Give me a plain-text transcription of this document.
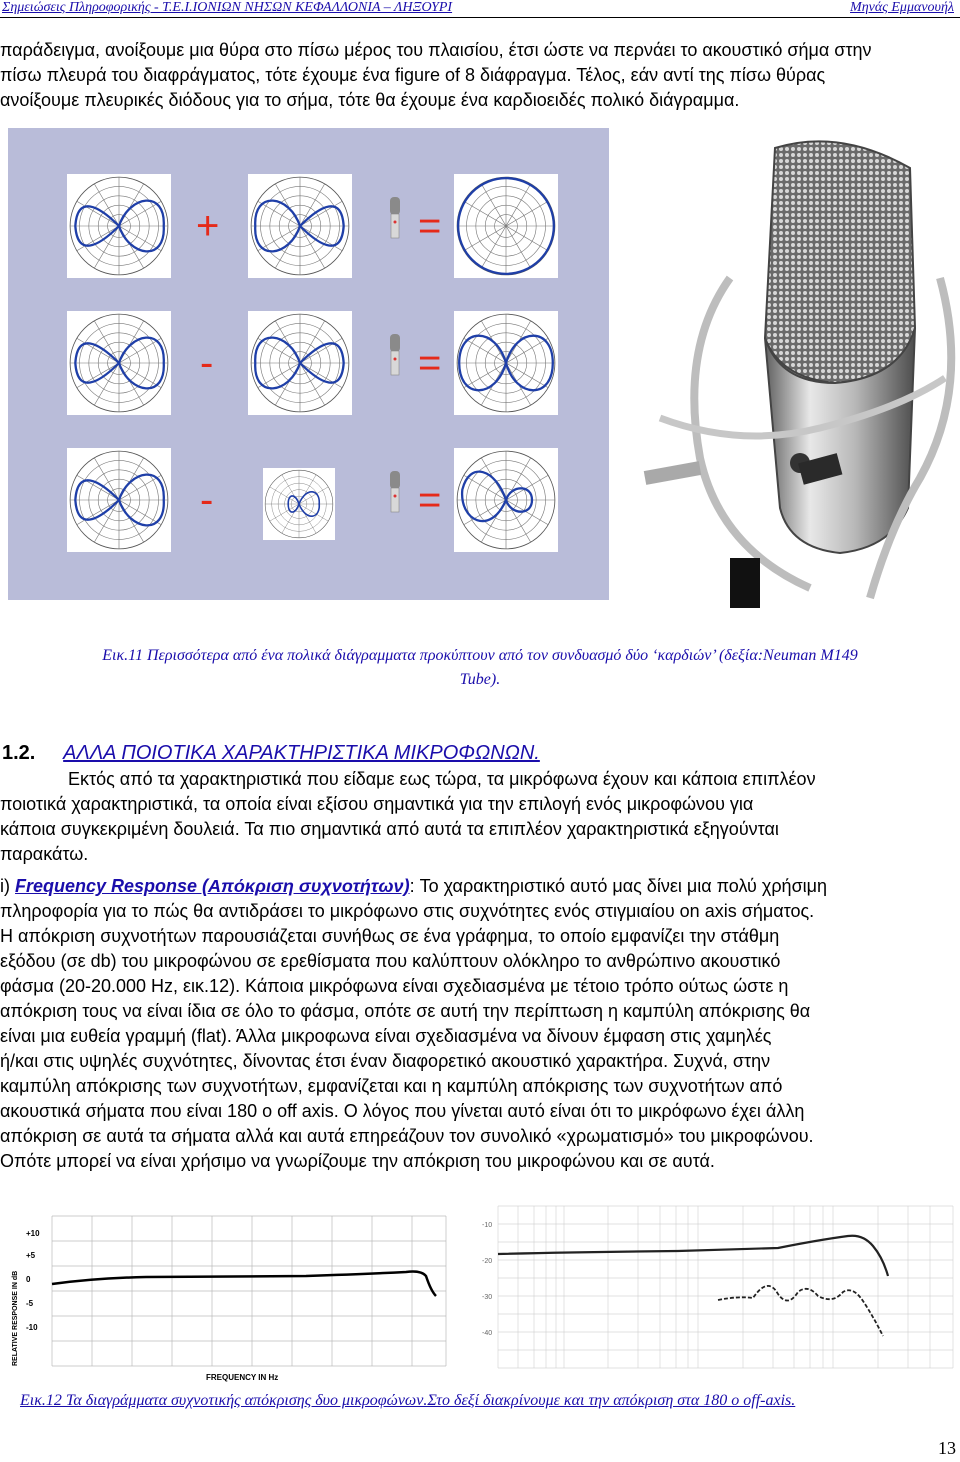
Σημειώσεις Πληροφορικής - Τ.Ε.Ι.ΙΟΝΙΩΝ ΝΗΣΩΝ ΚΕΦΑΛΛΟΝΙΑ – ΛΗΞΟΥΡΙ	Μηνάς Εμμανουήλ
παράδειγμα, ανοίξουμε μια θύρα στο πίσω μέρος του πλαισίου, έτσι ώστε να περνάει το ακουστικό σήμα στην
πίσω πλευρά του διαφράγματος, τότε έχουμε ένα figure of 8 διάφραγμα. Τέλος, εάν αντί της πίσω θύρας
ανοίξουμε πλευρικές διόδους για το σήμα, τότε θα έχουμε ένα καρδιοειδές πολικό διάγραμμα.
+	=
-	=
-	=
Εικ.11 Περισσότερα από ένα πολικά διάγραμματα προκύπτουν από τον συνδυασμό δύο ‘καρδιών’ (δεξία:Neuman M149
Tube).
1.2. ΑΛΛΑ ΠΟΙΟΤΙΚΑ ΧΑΡΑΚΤΗΡΙΣΤΙΚΑ ΜΙΚΡΟΦΩΝΩΝ.
Εκτός από τα χαρακτηριστικά που είδαμε εως τώρα, τα μικρόφωνα έχουν και κάποια επιπλέον
ποιοτικά χαρακτηριστικά, τα οποία είναι εξίσου σημαντικά για την επιλογή ενός μικροφώνου για
κάποια συγκεκριμένη δουλειά. Τα πιο σημαντικά από αυτά τα επιπλέον χαρακτηριστικά εξηγούνται
παρακάτω.
i) Frequency Response (Απόκριση συχνοτήτων): Το χαρακτηριστικό αυτό μας δίνει μια πολύ χρήσιμη
πληροφορία για το πώς θα αντιδράσει το μικρόφωνο στις συχνότητες ενός στιγμιαίου on axis σήματος.
Η απόκριση συχνοτήτων παρουσιάζεται συνήθως σε ένα γράφημα, το οποίο εμφανίζει την στάθμη
εξόδου (σε db) του μικροφώνου σε ερεθίσματα που καλύπτουν ολόκληρο το ανθρώπινο ακουστικό
φάσμα (20-20.000 Hz, εικ.12). Κάποια μικρόφωνα είναι σχεδιασμένα με τέτοιο τρόπο ούτως ώστε η
απόκριση τους να είναι ίδια σε όλο το φάσμα, οπότε σε αυτή την περίπτωση η καμπύλη απόκρισης θα
είναι μια ευθεία γραμμή (flat). Άλλα μικροφωνα είναι σχεδιασμένα να δίνουν έμφαση στις χαμηλές
ή/και στις υψηλές συχνότητες, δίνοντας έτσι έναν διαφορετικό ακουστικό χαρακτήρα. Συχνά, στην
καμπύλη απόκρισης των συχνοτήτων, εμφανίζεται και η καμπύλη απόκρισης των συχνοτήτων από
ακουστικά σήματα που είναι 180 o off axis. Ο λόγος που γίνεται αυτό είναι ότι το μικρόφωνο έχει άλλη
απόκριση σε αυτά τα σήματα αλλά και αυτά επηρεάζουν τον συνολικό «χρωματισμό» του μικροφώνου.
Οπότε μπορεί να είναι χρήσιμο να γνωρίζουμε την απόκριση του μικροφώνου και σε αυτά.
+5
0
-5
-10
+10
RELATIVE RESPONSE IN dB
FREQUENCY IN Hz
-10
-20
-30
-40
Εικ.12 Τα διαγράμματα συχνοτικής απόκρισης δυο μικροφώνων.Στο δεξί διακρίνουμε και την απόκριση στα 180 o off-axis.
13
